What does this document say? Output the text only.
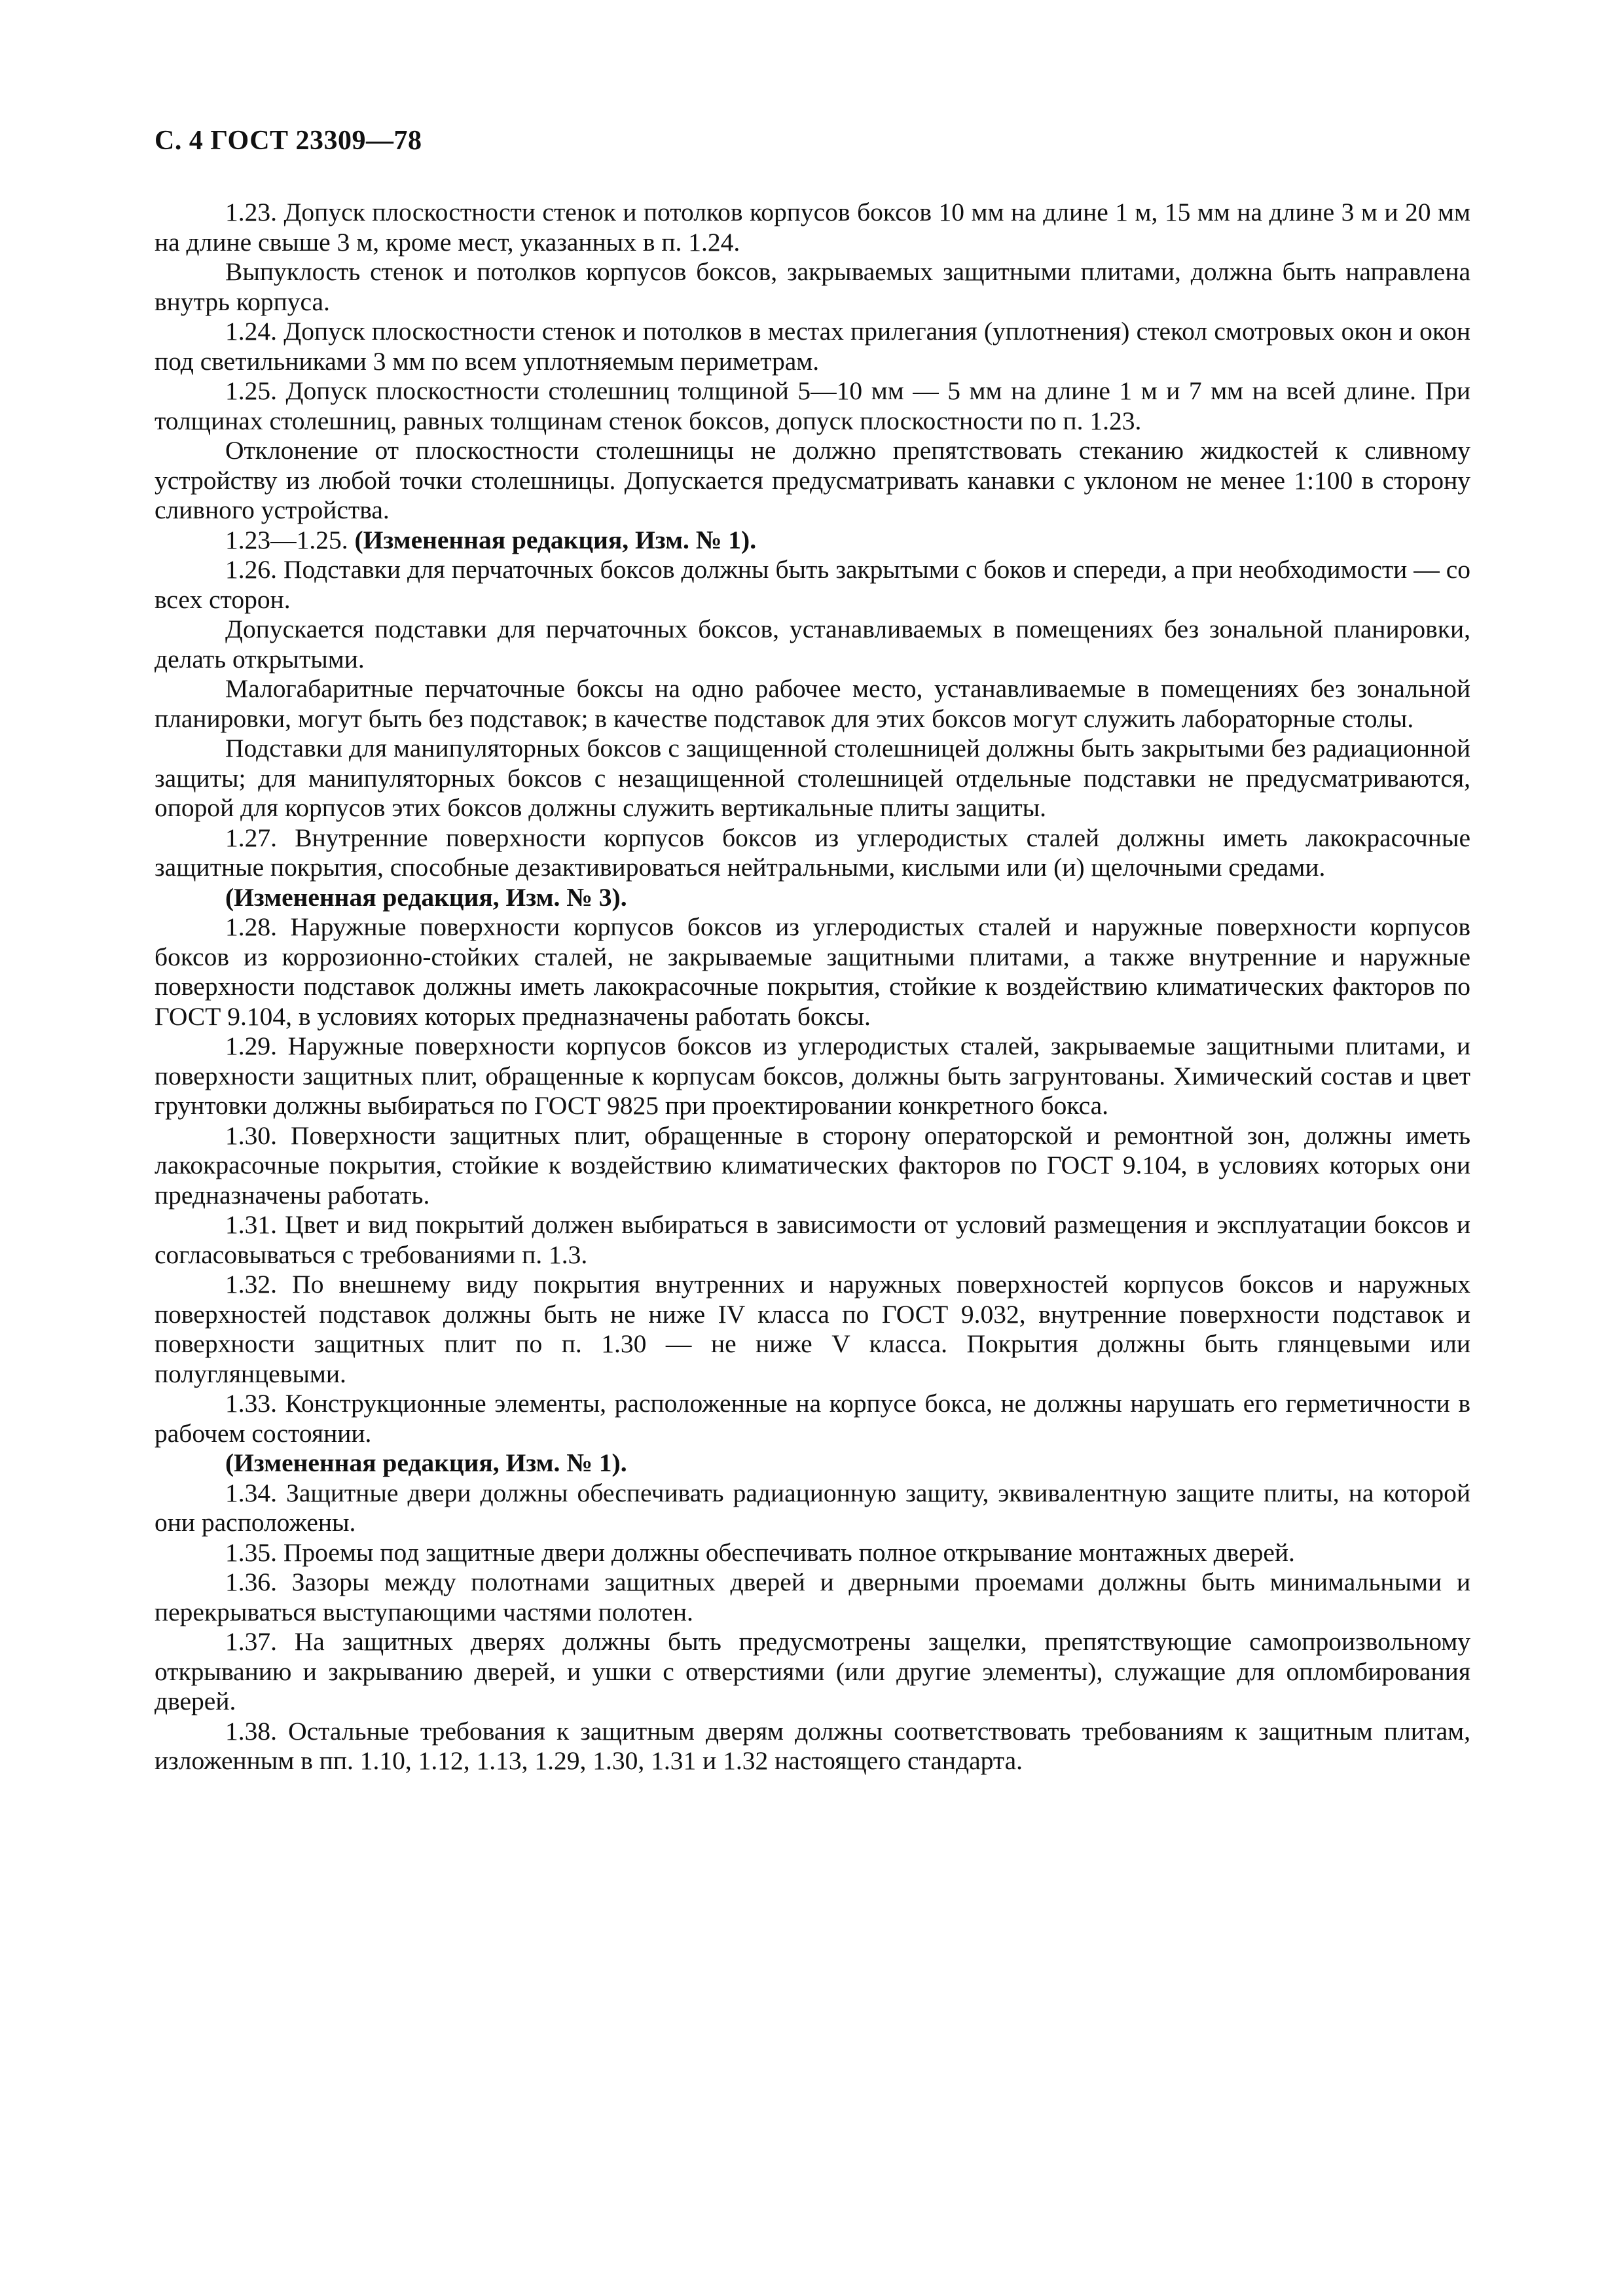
С. 4 ГОСТ 23309—78

1.23. Допуск плоскостности стенок и потолков корпусов боксов 10 мм на длине 1 м, 15 мм на длине 3 м и 20 мм на длине свыше 3 м, кроме мест, указанных в п. 1.24.

Выпуклость стенок и потолков корпусов боксов, закрываемых защитными плитами, должна быть направлена внутрь корпуса.

1.24. Допуск плоскостности стенок и потолков в местах прилегания (уплотнения) стекол смотровых окон и окон под светильниками 3 мм по всем уплотняемым периметрам.

1.25. Допуск плоскостности столешниц толщиной 5—10 мм — 5 мм на длине 1 м и 7 мм на всей длине. При толщинах столешниц, равных толщинам стенок боксов, допуск плоскостности по п. 1.23.

Отклонение от плоскостности столешницы не должно препятствовать стеканию жидкостей к сливному устройству из любой точки столешницы. Допускается предусматривать канавки с уклоном не менее 1:100 в сторону сливного устройства.

1.23—1.25. (Измененная редакция, Изм. № 1).

1.26. Подставки для перчаточных боксов должны быть закрытыми с боков и спереди, а при необходимости — со всех сторон.

Допускается подставки для перчаточных боксов, устанавливаемых в помещениях без зональной планировки, делать открытыми.

Малогабаритные перчаточные боксы на одно рабочее место, устанавливаемые в помещениях без зональной планировки, могут быть без подставок; в качестве подставок для этих боксов могут служить лабораторные столы.

Подставки для манипуляторных боксов с защищенной столешницей должны быть закрытыми без радиационной защиты; для манипуляторных боксов с незащищенной столешницей отдельные подставки не предусматриваются, опорой для корпусов этих боксов должны служить вертикальные плиты защиты.

1.27. Внутренние поверхности корпусов боксов из углеродистых сталей должны иметь лакокрасочные защитные покрытия, способные дезактивироваться нейтральными, кислыми или (и) щелочными средами.

(Измененная редакция, Изм. № 3).

1.28. Наружные поверхности корпусов боксов из углеродистых сталей и наружные поверхности корпусов боксов из коррозионно-стойких сталей, не закрываемые защитными плитами, а также внутренние и наружные поверхности подставок должны иметь лакокрасочные покрытия, стойкие к воздействию климатических факторов по ГОСТ 9.104, в условиях которых предназначены работать боксы.

1.29. Наружные поверхности корпусов боксов из углеродистых сталей, закрываемые защитными плитами, и поверхности защитных плит, обращенные к корпусам боксов, должны быть загрунтованы. Химический состав и цвет грунтовки должны выбираться по ГОСТ 9825 при проектировании конкретного бокса.

1.30. Поверхности защитных плит, обращенные в сторону операторской и ремонтной зон, должны иметь лакокрасочные покрытия, стойкие к воздействию климатических факторов по ГОСТ 9.104, в условиях которых они предназначены работать.

1.31. Цвет и вид покрытий должен выбираться в зависимости от условий размещения и эксплуатации боксов и согласовываться с требованиями п. 1.3.

1.32. По внешнему виду покрытия внутренних и наружных поверхностей корпусов боксов и наружных поверхностей подставок должны быть не ниже IV класса по ГОСТ 9.032, внутренние поверхности подставок и поверхности защитных плит по п. 1.30 — не ниже V класса. Покрытия должны быть глянцевыми или полуглянцевыми.

1.33. Конструкционные элементы, расположенные на корпусе бокса, не должны нарушать его герметичности в рабочем состоянии.

(Измененная редакция, Изм. № 1).

1.34. Защитные двери должны обеспечивать радиационную защиту, эквивалентную защите плиты, на которой они расположены.

1.35. Проемы под защитные двери должны обеспечивать полное открывание монтажных дверей.

1.36. Зазоры между полотнами защитных дверей и дверными проемами должны быть минимальными и перекрываться выступающими частями полотен.

1.37. На защитных дверях должны быть предусмотрены защелки, препятствующие самопроизвольному открыванию и закрыванию дверей, и ушки с отверстиями (или другие элементы), служащие для опломбирования дверей.

1.38. Остальные требования к защитным дверям должны соответствовать требованиям к защитным плитам, изложенным в пп. 1.10, 1.12, 1.13, 1.29, 1.30, 1.31 и 1.32 настоящего стандарта.
